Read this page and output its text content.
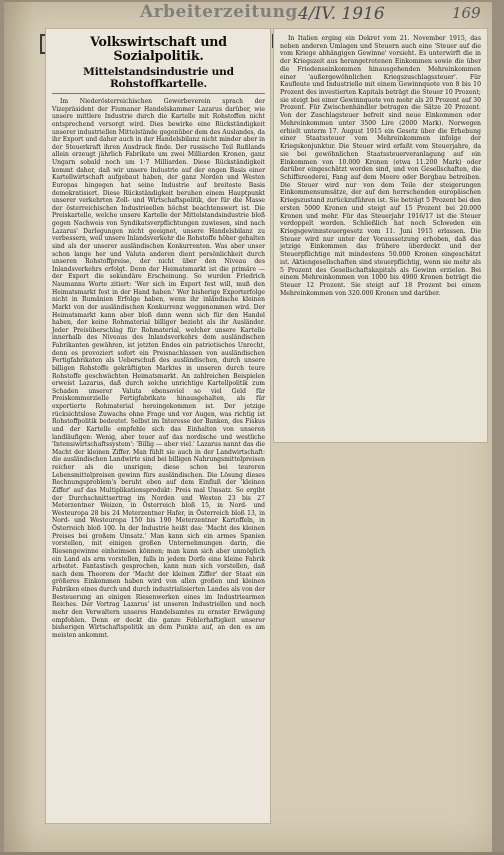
Arbeiterzeitung 4/IV. 1916	169
Volkswirtschaft und Sozialpolitik.
Mittelstandsindustrie und Rohstoffkartelle.

Im Niederösterreichischen Gewerbeverein sprach der Vizepräsident der Fiumaner Handelskammer Lazarus darüber, wie unsere mittlere Industrie durch die Kartelle mit Rohstoffen nicht entsprechend versorgt wird. Dies bewirke eine Rückständigkeit unserer industriellen Mittelstände gegenüber dem des Auslandes, da ihr Export und daher auch in der Handelsbilanz nicht minder aber in der Steuerkraft ihren Ausdruck finde. Der russische Teil Rußlands allein erzeugt jährlich Fabrikate um zwei Milliarden Kronen, ganz Ungarn sobald noch um 1·7 Milliarden. Diese Rückständigkeit kommt daher, daß wir unsere Industrie auf der engen Basis einer Kartellwirtschaft aufgebaut haben, der ganz Norden und Westen Europas hingegen hat seine Industrie auf breiteste Basis demokratisiert. Diese Rückständigkeit beruhen einem Hauptpunkt unserer verkehrten Zoll- und Wirtschaftspolitik, der für die Masse der österreichischen Industrieellen höchst beachtenswert ist. Die Preiskartelle, welche unsere Kartelle der Mittelstandsindustrie bloß gegen Nachweis von Syndikatsverpflichtungen zuwiesen, sind nach Lazarus' Darlegungen nicht geeignet, unsere Handelsbilanz zu verbessern, weil unsere Inlandsverkehr die Rohstoffe höher gehalten sind als der unserer ausländischen Konkurrenten. Was aber unser schon lange her und Valuta anderen dient persönlichkeit durch unseren Rohstoffpreise, der nicht über den Niveau des Inlandsverkehrs erfolgt. Denn der Heimatsmarkt ist die primäre — der Export die sekundäre Erscheinung. So wurden Friedrich Naumanns Worte zitiert: 'Wer sich im Export fest will, muß den Heimatsmarkt fest in der Hand haben.' Wer bisherige Exporterfolge nicht in Rumänien Erfolge haben, wenn ihr inländische kleinen Markt von der ausländischen Konkurrenz weggenommen wird. Der Heimatsmarkt kann aber bloß dann wenn sich für den Handel haben, der keine Rohmaterial billiger bezieht als ihr Ausländer. Jeder Preisüberschlag für Rohmaterial, welcher unsere Kartelle innerhalb des Niveaus des Inlandsverkehrs dem ausländischen Fabrikanten gewähren, ist jetzten Endes ein patriotisches Unrecht, denn es provoziert sofort ein Preisnachlassen von ausländischen Fertigfabrikaten als Ueberschuß des ausländischen, durch unsere billigen Rohstoffe gekräftigten Marktes in unseren durch teure Rohstoffe geschwächten Heimatsmarkt. An zahlreichen Beispielen erweist Lazarus, daß durch solche unrichtige Kartellpolitik zum Schaden unserer Valuta ebensoviel so viel Geld für Preiskommerzielle Fertigfabrikate hinausgehalten, als für exportierte Rohmaterial hereingekommen ist. Der jetzige rücksichtslose Zuwachs ohne Frage und vor Augen, was richtig ist Rohstoffpolitik bedeutet. Selbst im Interesse der Banken, des Fiskus und der Kartelle empfehle sich das Einhalten von unseren landläufigen: Wenig, aber teuer auf das nordische und westliche 'Intensiwirtschaftssystem': 'Billig — aber viel.' Lazarus nannt das die Macht der kleinen Ziffer. Man fühlt sie auch in der Landwirtschaft: die ausländischen Landwirte sind bei billigen Nahrungsmittelpreisen reicher als die unsrigen; diese schon bei teureren Lebensmittelpreisen gewinn fürs ausländischen. Die Lösung dieses Rechnungsproblem's beruht eben auf dem Einfluß der 'kleinen Ziffer' auf das Multiplikationsprodukt: Preis mal Umsatz. So ergibt der Durchschnittsertrag im Norden und Westen 23 bis 27 Meterzentner Weizen, in Österreich bloß 15, in Nord- und Westeuropa 28 bis 24 Meterzentner Hafer, in Österreich bloß 13, in Nord- und Westeuropa 150 bis 190 Meterzentner Kartoffeln, in Österreich bloß 100. In der Industrie heißt das: 'Macht des kleinen Preises bei großem Umsatz.' Man kann sich ein armes Spanien vorstellen, mit einigen großen Unternehmungen darin, die Riesengewinne einheimsen können; man kann sich aber unmöglich ein Land als arm vorstellen, falls in jedem Dorfe eine kleine Fabrik arbeitet. Fantastisch gesprochen, kann man sich vorstellen, daß nach dem Theorem der 'Macht der kleinen Ziffer' der Staat ein größeres Einkommen haben wird von allen großen und kleinen Fabriken eines durch und durch industrialisierten Landes als von der Besteuerung an einigen Riesenwerken eines im Industriearmen Reiches. Der Vortrag Lazarus' ist unseren Industriellen und noch mehr den Verwaltern unseres Handelsamtes zu ernster Erwägung empfohlen. Denn er deckt die ganze Fehlerhaftigkeit unserer bisherigen Wirtschaftspolitik an dem Punkte auf, an den es am meisten ankommt.

In Italien erging ein Dekret vom 21. November 1915, das neben anderen Umlagen und Steuern auch eine 'Steuer auf die vom Kriege abhängigen Gewinne' vorsieht. Es unterwirft die in der Kriegszeit aus herangetretenen Einkommen sowie die über die Friedenseinkommen hinausgehenden Mehreinkommen einer 'außergewöhnlichen Kriegszuschlagssteuer'. Für Kaufleute und Industrielle mit einem Gewinnquote von 8 bis 10 Prozent des investierten Kapitals beträgt die Steuer 10 Prozent; sie steigt bei einer Gewinnquote von mehr als 20 Prozent auf 30 Prozent. Für Zwischenhändler betragen die Sätze 20 Prozent. Von der Zuschlagsteuer befreit sind neue Einkommen oder Mehreinkommen unter 3500 Lire (2000 Mark). Norwegen erhielt unterm 17. August 1915 ein Gesetz über die Erhebung einer Staatssteuer vom Mehreinkommen infolge der Kriegskonjunktur. Die Steuer wird erfaßt vom Steuerjahre, da sie bei gewöhnlichen Staatssteuerveranlagung auf ein Einkommen von 10.000 Kronen (etwa 11.200 Mark) oder darüber eingeschätzt worden sind, und von Gesellschaften, die Schiffsreederei, Fang auf dem Meere oder Bergbau betreiben. Die Steuer wird nur von dem Teile der steigerungen Einkommensumsätze, der auf den herrschenden europäischen Kriegszustand zurückzuführen ist. Sie beträgt 5 Prozent bei den ersten 5000 Kronen und steigt auf 15 Prozent bei 20.000 Kronen und mehr. Für das Steuerjahr 1916/17 ist die Steuer verdoppelt worden. Schließlich hat noch Schweden ein Kriegsgewinnsteuergesetz vom 11. Juni 1915 erlassen. Die Steuer wird nur unter der Voraussetzung erhoben, daß das jetzige Einkommen das frühere überdeckt und der Steuerpflichtige mit mindestens 50.000 Kronen eingeschätzt ist. Aktiengesellschaften sind steuerpflichtig, wenn sie mehr als 5 Prozent des Gesellschaftskapitals als Gewinn erzielen. Bei einem Mehreinkommen von 1000 bis 4900 Kronen beträgt die Steuer 12 Prozent. Sie steigt auf 18 Prozent bei einem Mehreinkommen von 320.000 Kronen und darüber.
